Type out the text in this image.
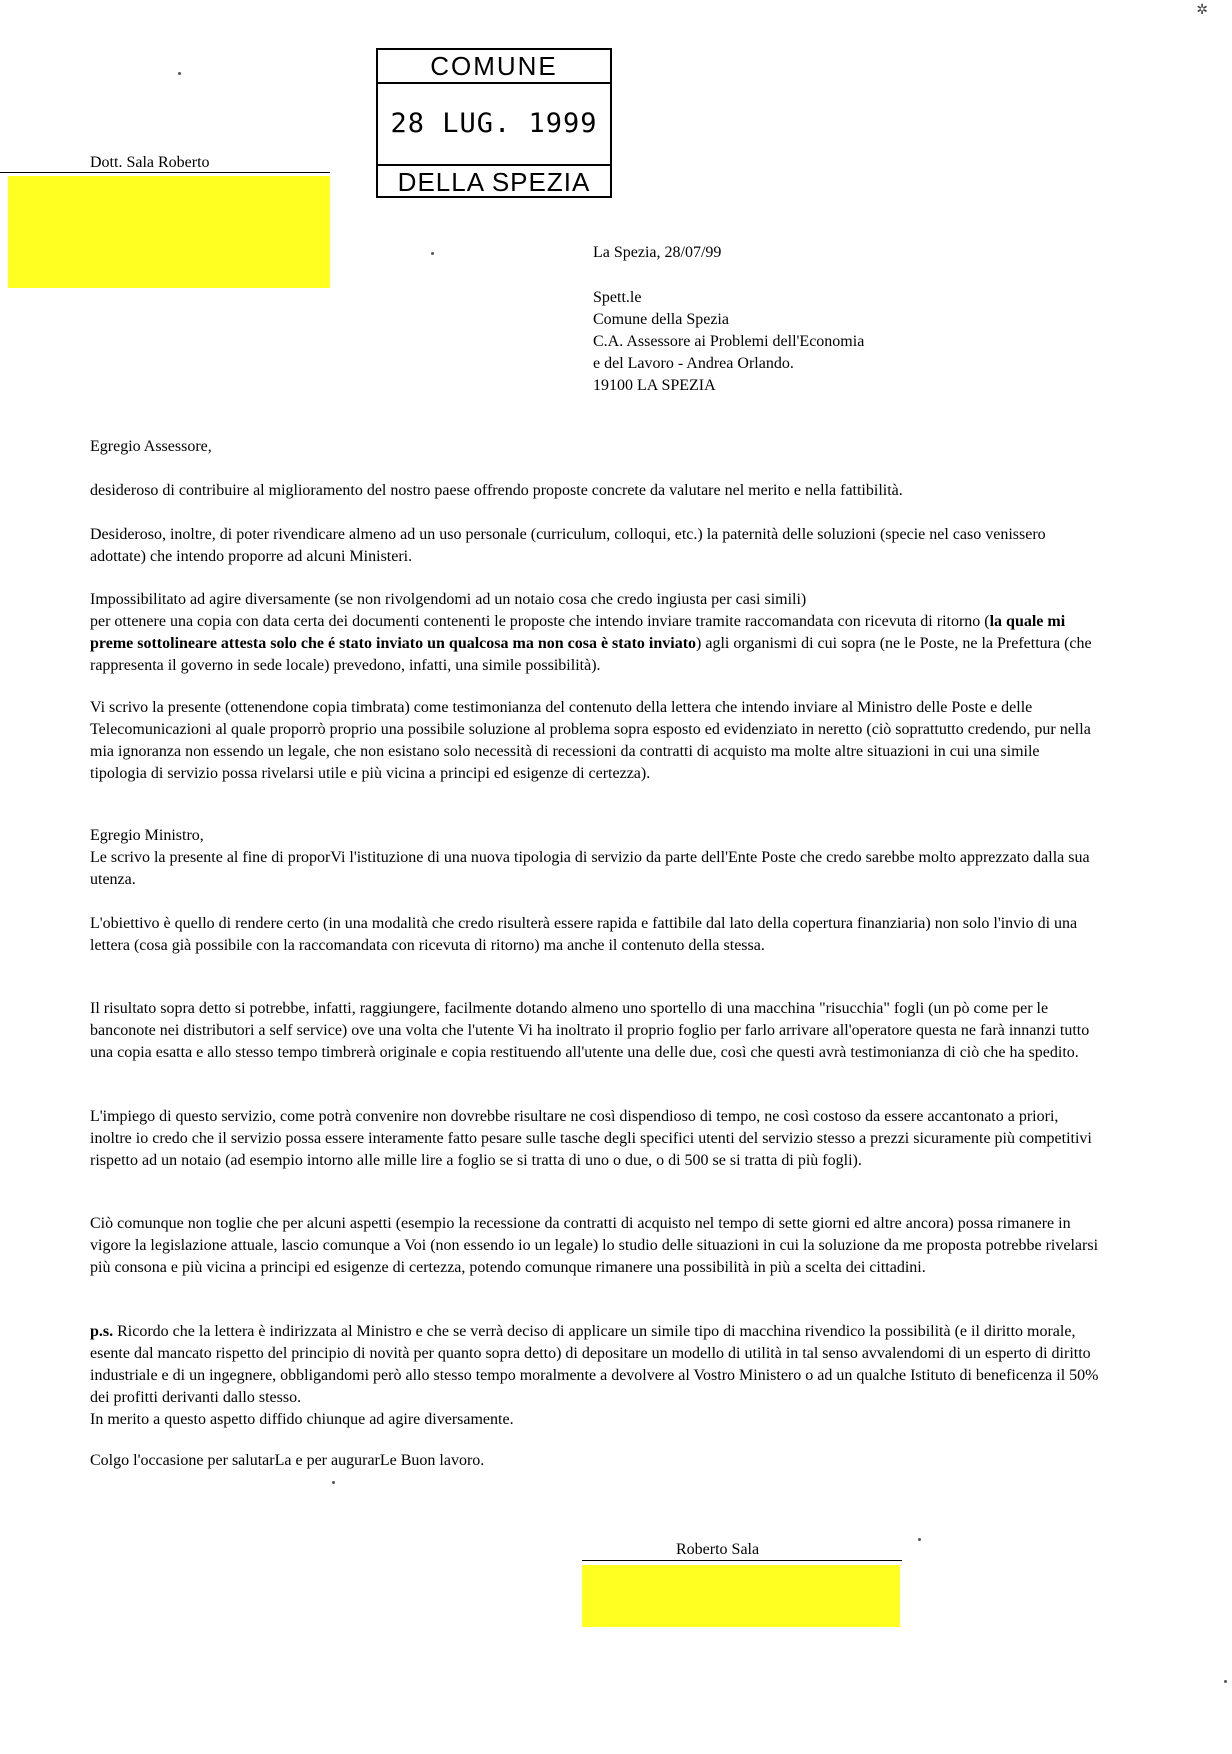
✲
COMUNE
28 LUG. 1999
DELLA SPEZIA
Dott. Sala Roberto
La Spezia, 28/07/99
Spett.le
Comune della Spezia
C.A. Assessore ai Problemi dell'Economia
e del Lavoro - Andrea Orlando.
19100 LA SPEZIA
Egregio Assessore,

desideroso di contribuire al miglioramento del nostro paese offrendo proposte concrete da valutare nel merito e nella fattibilità.

Desideroso, inoltre, di poter rivendicare almeno ad un uso personale (curriculum, colloqui, etc.) la paternità delle soluzioni (specie nel caso venissero adottate) che intendo proporre ad alcuni Ministeri.

Impossibilitato ad agire diversamente (se non rivolgendomi ad un notaio cosa che credo ingiusta per casi simili)

per ottenere una copia con data certa dei documenti contenenti le proposte che intendo inviare tramite raccomandata con ricevuta di ritorno (la quale mi preme sottolineare attesta solo che é stato inviato un qualcosa ma non cosa è stato inviato) agli organismi di cui sopra (ne le Poste, ne la Prefettura (che rappresenta il governo in sede locale) prevedono, infatti, una simile possibilità).

Vi scrivo la presente (ottenendone copia timbrata) come testimonianza del contenuto della lettera che intendo inviare al Ministro delle Poste e delle Telecomunicazioni al quale proporrò proprio una possibile soluzione al problema sopra esposto ed evidenziato in neretto (ciò soprattutto credendo, pur nella mia ignoranza non essendo un legale, che non esistano solo necessità di recessioni da contratti di acquisto ma molte altre situazioni in cui una simile tipologia di servizio possa rivelarsi utile e più vicina a principi ed esigenze di certezza).

Egregio Ministro,

Le scrivo la presente al fine di proporVi l'istituzione di una nuova tipologia di servizio da parte dell'Ente Poste che credo sarebbe molto apprezzato dalla sua utenza.

L'obiettivo è quello di rendere certo (in una modalità che credo risulterà essere rapida e fattibile dal lato della copertura finanziaria) non solo l'invio di una lettera (cosa già possibile con la raccomandata con ricevuta di ritorno) ma anche il contenuto della stessa.

Il risultato sopra detto si potrebbe, infatti, raggiungere, facilmente dotando almeno uno sportello di una macchina "risucchia" fogli (un pò come per le banconote nei distributori a self service) ove una volta che l'utente Vi ha inoltrato il proprio foglio per farlo arrivare all'operatore questa ne farà innanzi tutto una copia esatta e allo stesso tempo timbrerà originale e copia restituendo all'utente una delle due, così che questi avrà testimonianza di ciò che ha spedito.

L'impiego di questo servizio, come potrà convenire non dovrebbe risultare ne così dispendioso di tempo, ne così costoso da essere accantonato a priori, inoltre io credo che il servizio possa essere interamente fatto pesare sulle tasche degli specifici utenti del servizio stesso a prezzi sicuramente più competitivi rispetto ad un notaio (ad esempio intorno alle mille lire a foglio se si tratta di uno o due, o di 500 se si tratta di più fogli).

Ciò comunque non toglie che per alcuni aspetti (esempio la recessione da contratti di acquisto nel tempo di sette giorni ed altre ancora) possa rimanere in vigore la legislazione attuale, lascio comunque a Voi (non essendo io un legale) lo studio delle situazioni in cui la soluzione da me proposta potrebbe rivelarsi più consona e più vicina a principi ed esigenze di certezza, potendo comunque rimanere una possibilità in più a scelta dei cittadini.

p.s. Ricordo che la lettera è indirizzata al Ministro e che se verrà deciso di applicare un simile tipo di macchina rivendico la possibilità (e il diritto morale, esente dal mancato rispetto del principio di novità per quanto sopra detto) di depositare un modello di utilità in tal senso avvalendomi di un esperto di diritto industriale e di un ingegnere, obbligandomi però allo stesso tempo moralmente a devolvere al Vostro Ministero o ad un qualche Istituto di beneficenza il 50% dei profitti derivanti dallo stesso.

In merito a questo aspetto diffido chiunque ad agire diversamente.

Colgo l'occasione per salutarLa e per augurarLe Buon lavoro.
Roberto Sala
